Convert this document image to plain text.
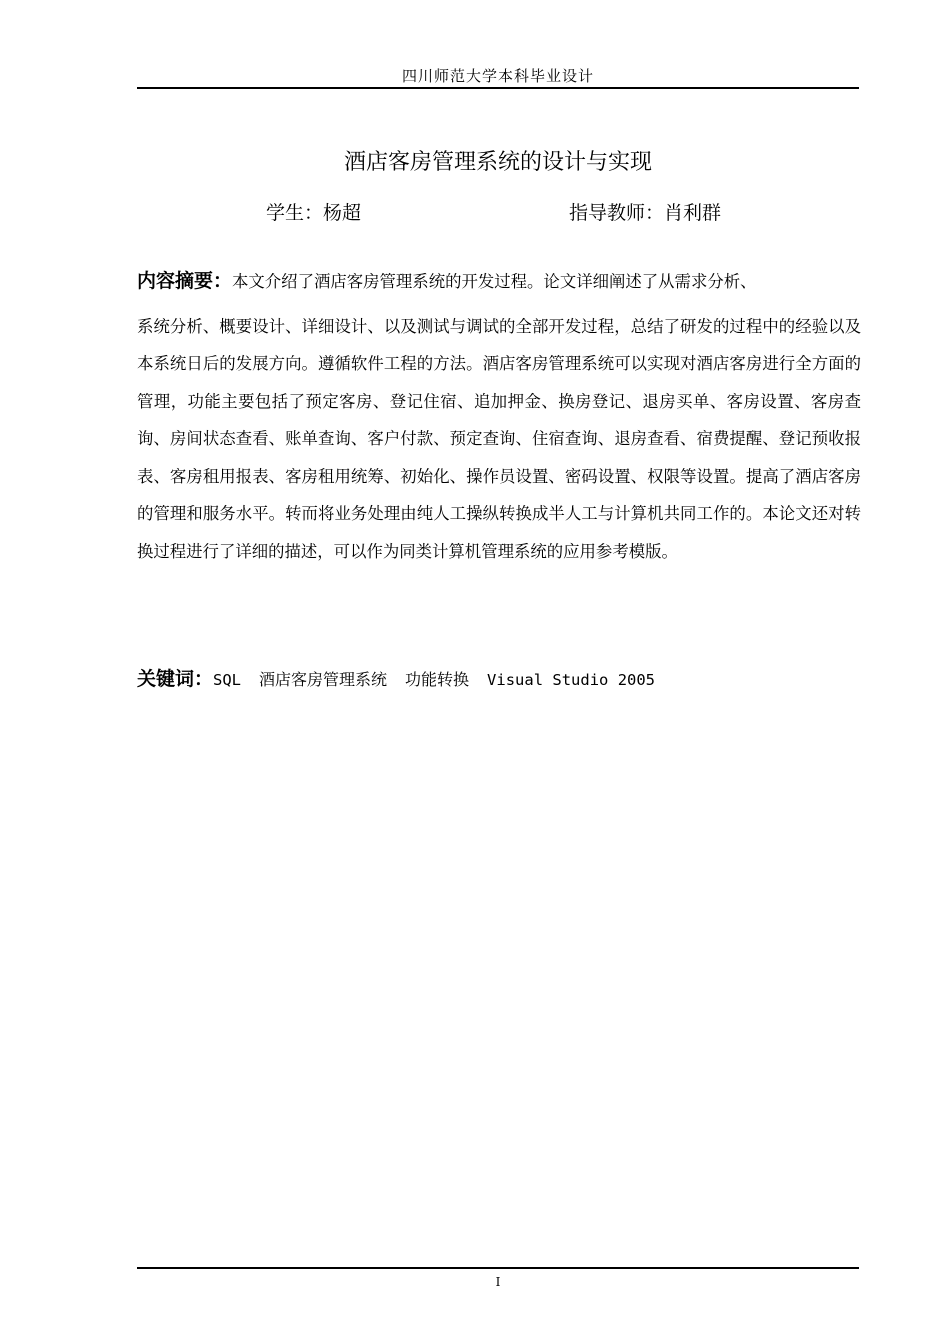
四川师范大学本科毕业设计
酒店客房管理系统的设计与实现
学生：杨超	指导教师：肖利群

内容摘要：本文介绍了酒店客房管理系统的开发过程。论文详细阐述了从需求分析、
系统分析、概要设计、详细设计、以及测试与调试的全部开发过程，总结了研发的过程中的经验以及本系统日后的发展方向。遵循软件工程的方法。酒店客房管理系统可以实现对酒店客房进行全方面的管理，功能主要包括了预定客房、登记住宿、追加押金、换房登记、退房买单、客房设置、客房查询、房间状态查看、账单查询、客户付款、预定查询、住宿查询、退房查看、宿费提醒、登记预收报表、客房租用报表、客房租用统筹、初始化、操作员设置、密码设置、权限等设置。提高了酒店客房的管理和服务水平。转而将业务处理由纯人工操纵转换成半人工与计算机共同工作的。本论文还对转换过程进行了详细的描述，可以作为同类计算机管理系统的应用参考模版。

关键词：SQL 酒店客房管理系统 功能转换 Visual Studio 2005
I
